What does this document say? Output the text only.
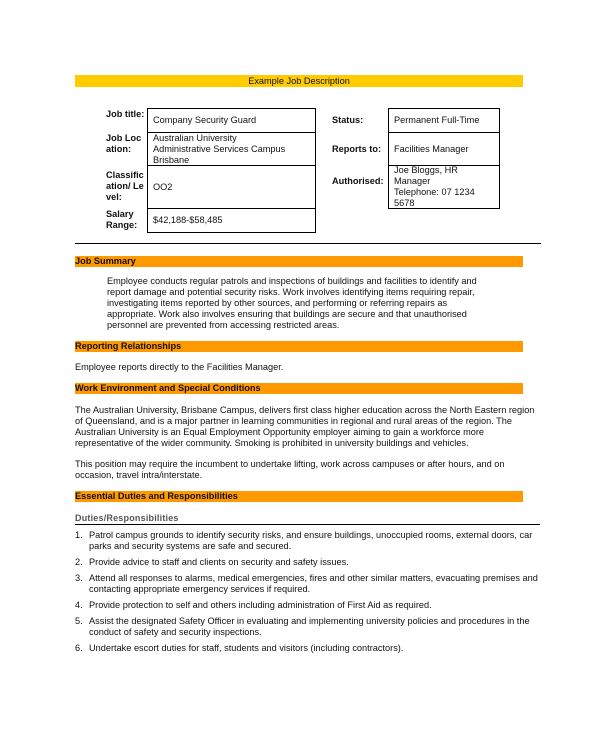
Example Job Description
Job title:
Company Security Guard
Job Location:
Australian University
Administrative Services Campus
Brisbane
Classification/ Level:
OO2
Salary Range:	$42,188-$58,485
Status:	Permanent Full-Time
Reports to:	Facilities Manager
Authorised:
Joe Bloggs, HR Manager
Telephone: 07 1234 5678
Job Summary
Employee conducts regular patrols and inspections of buildings and facilities to identify and report damage and potential security risks. Work involves identifying items requiring repair, investigating items reported by other sources, and performing or referring repairs as appropriate. Work also involves ensuring that buildings are secure and that unauthorised personnel are prevented from accessing restricted areas.
Reporting Relationships
Employee reports directly to the Facilities Manager.
Work Environment and Special Conditions
The Australian University, Brisbane Campus, delivers first class higher education across the North Eastern region of Queensland, and is a major partner in learning communities in regional and rural areas of the region. The Australian University is an Equal Employment Opportunity employer aiming to gain a workforce more representative of the wider community. Smoking is prohibited in university buildings and vehicles.
This position may require the incumbent to undertake lifting, work across campuses or after hours, and on occasion, travel intra/interstate.
Essential Duties and Responsibilities
Duties/Responsibilities
1. Patrol campus grounds to identify security risks, and ensure buildings, unoccupied rooms, external doors, car parks and security systems are safe and secured.
2. Provide advice to staff and clients on security and safety issues.
3. Attend all responses to alarms, medical emergencies, fires and other similar matters, evacuating premises and contacting appropriate emergency services if required.
4. Provide protection to self and others including administration of First Aid as required.
5. Assist the designated Safety Officer in evaluating and implementing university policies and procedures in the conduct of safety and security inspections.
6. Undertake escort duties for staff, students and visitors (including contractors).
